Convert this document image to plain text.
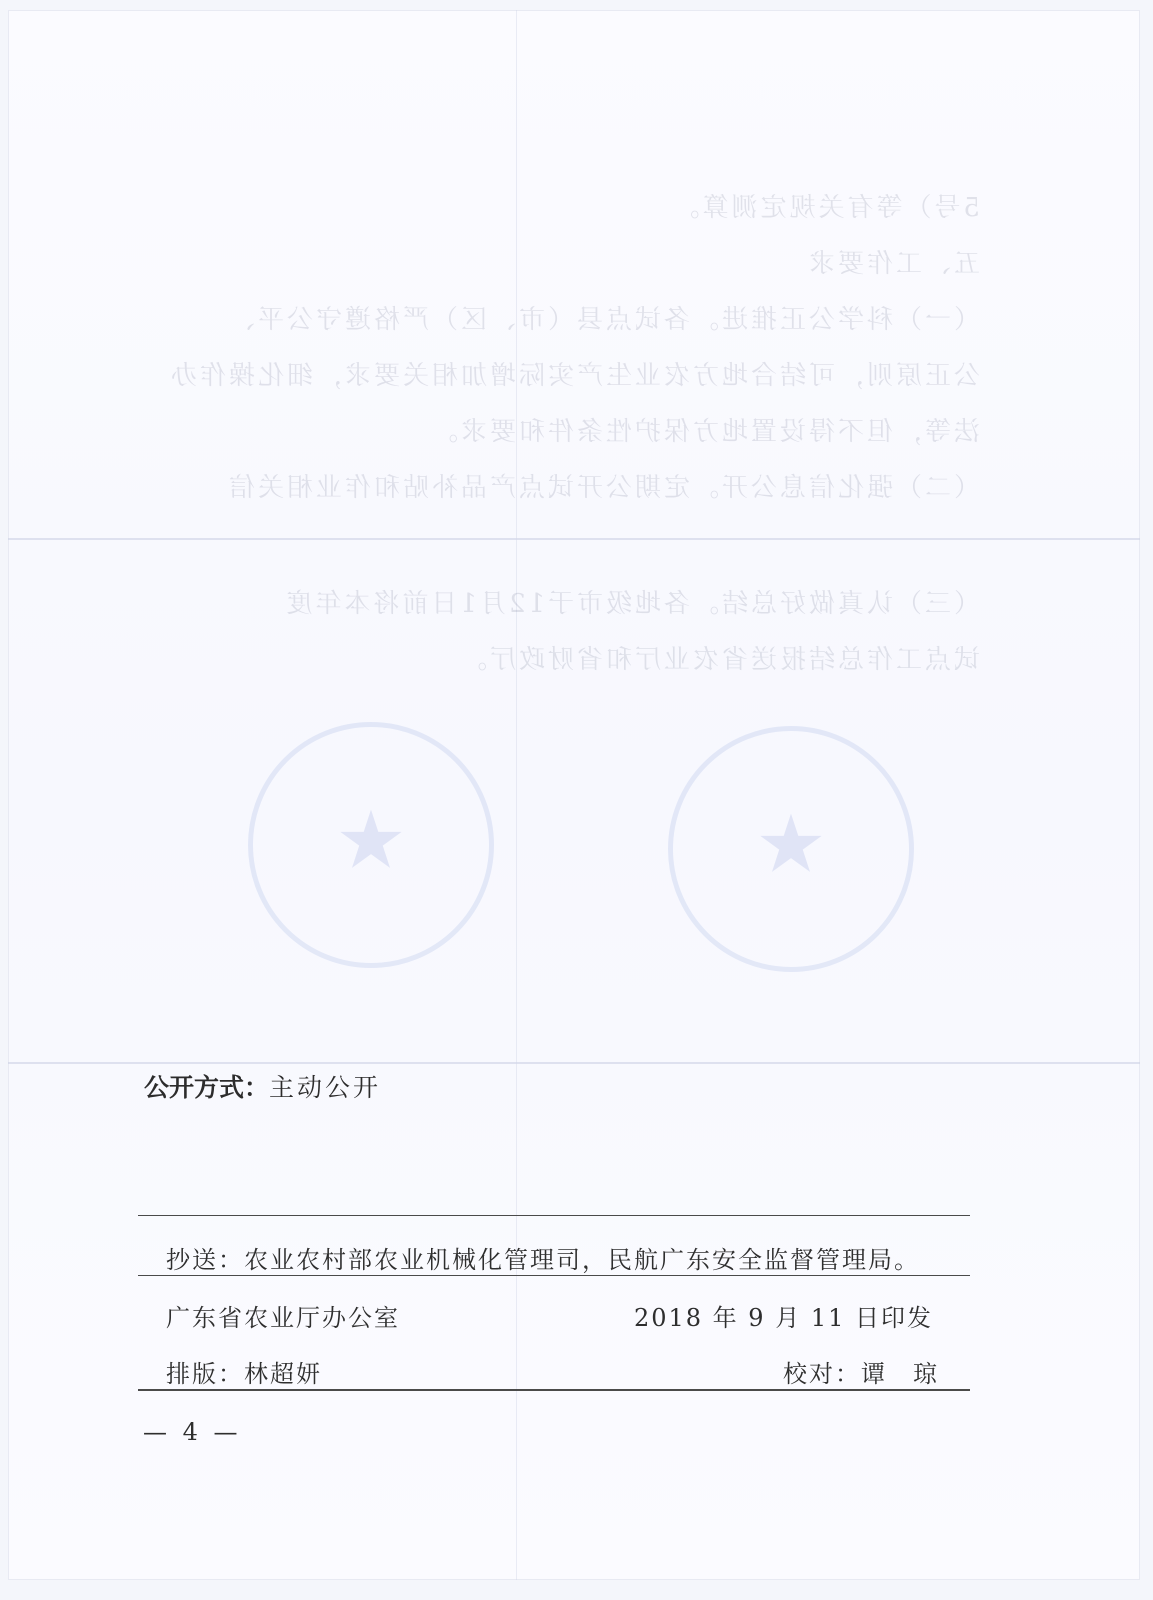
5号）等有关规定测算。

五、工作要求

（一）科学公正推进。各试点县（市、区）严格遵守公平、

公正原则，可结合地方农业生产实际增加相关要求，细化操作办

法等，但不得设置地方保护性条件和要求。

（二）强化信息公开。定期公开试点产品补贴和作业相关信

（三）认真做好总结。各地级市于12月1日前将本年度

试点工作总结报送省农业厅和省财政厅。

★	★
公开方式：主动公开
抄送：农业农村部农业机械化管理司，民航广东安全监督管理局。
广东省农业厅办公室	2018 年 9 月 11 日印发
排版：林超妍	校对：谭　琼
— 4 —
